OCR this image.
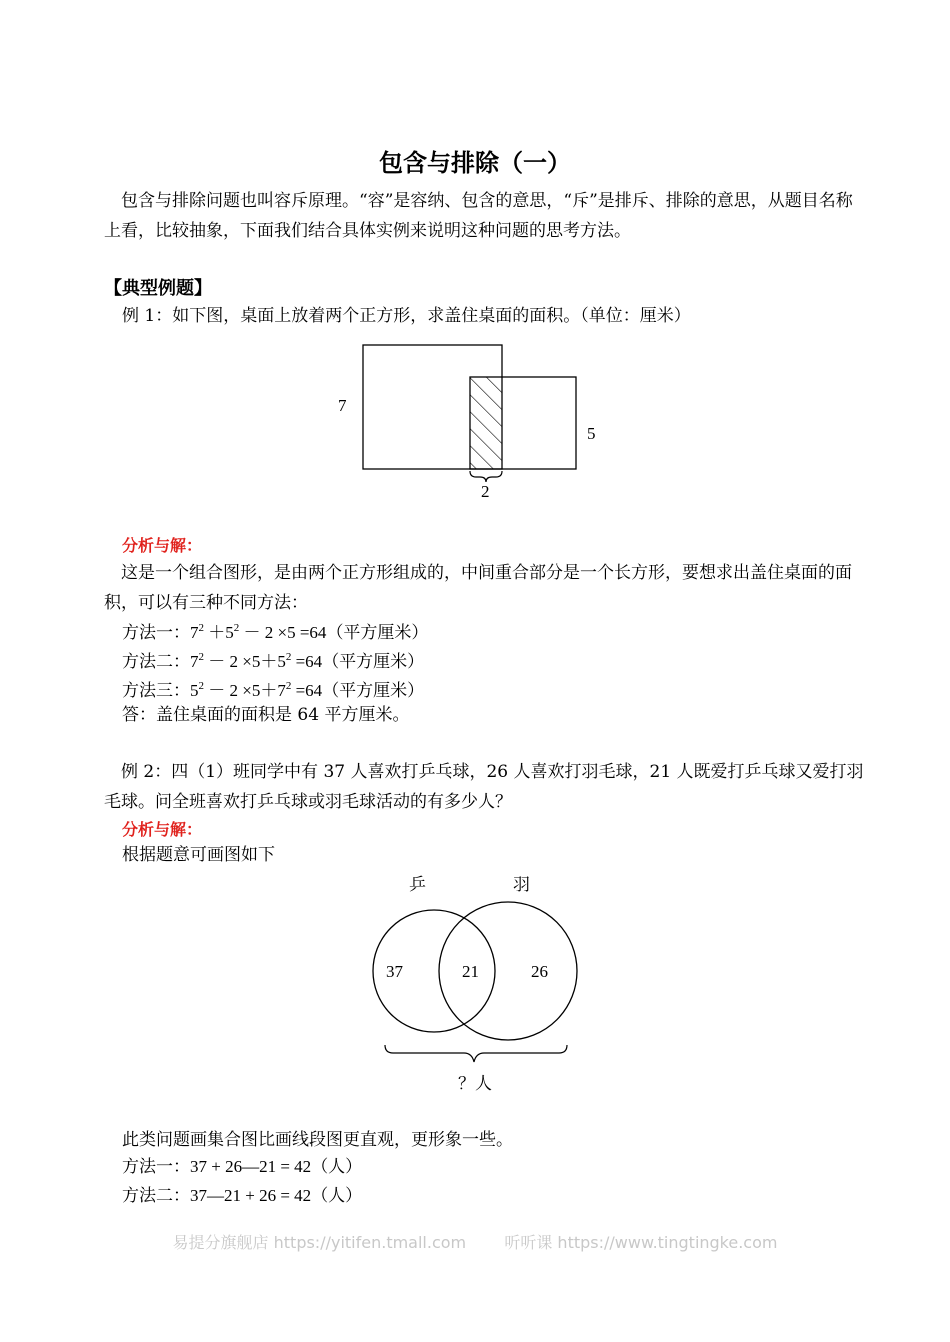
包含与排除（一）
包含与排除问题也叫容斥原理。“容”是容纳、包含的意思，“斥”是排斥、排除的意思，从题目名称上看，比较抽象，下面我们结合具体实例来说明这种问题的思考方法。
【典型例题】
例 1：如下图，桌面上放着两个正方形，求盖住桌面的面积。（单位：厘米）
7
5
2
分析与解：
这是一个组合图形，是由两个正方形组成的，中间重合部分是一个长方形，要想求出盖住桌面的面积，可以有三种不同方法：
方法一：$7^2 +5^2 - 2 \times 5 =64$（平方厘米）
方法二：$7^2 - 2 \times 5+5^2 =64$（平方厘米）
方法三：$5^2 - 2 \times 5+7^2 =64$（平方厘米）
答：盖住桌面的面积是 64 平方厘米。
例 2：四（1）班同学中有 37 人喜欢打乒乓球，26 人喜欢打羽毛球，21 人既爱打乒乓球又爱打羽毛球。问全班喜欢打乒乓球或羽毛球活动的有多少人？
分析与解：
根据题意可画图如下
乒	羽
37	21	26
？人
此类问题画集合图比画线段图更直观，更形象一些。
方法一：37 + 26—21 = 42（人）
方法二：37—21 + 26 = 42（人）
易提分旗舰店 https://yitifen.tmall.com 听听课 https://www.tingtingke.com
